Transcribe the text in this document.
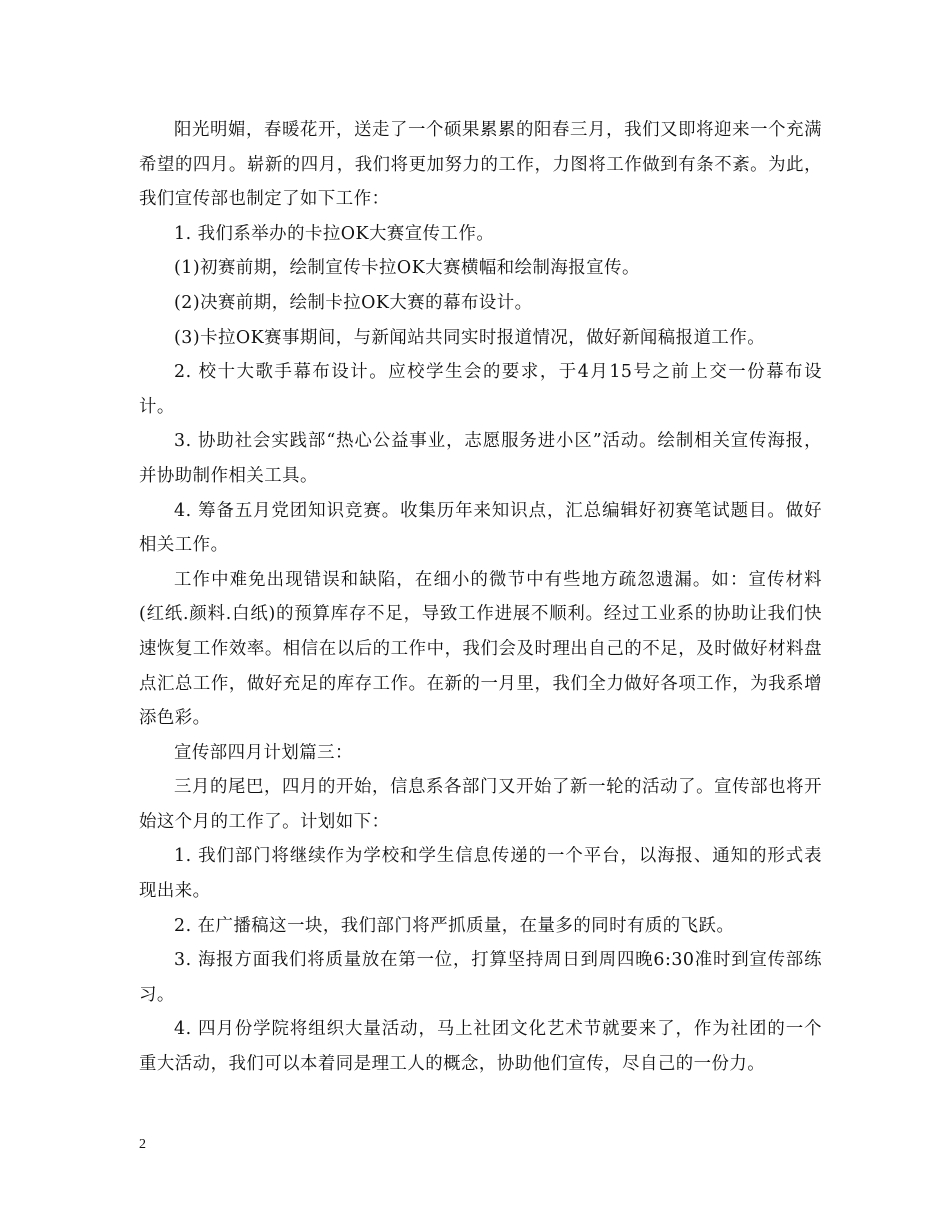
阳光明媚，春暖花开，送走了一个硕果累累的阳春三月，我们又即将迎来一个充满希望的四月。崭新的四月，我们将更加努力的工作，力图将工作做到有条不紊。为此，我们宣传部也制定了如下工作：

1. 我们系举办的卡拉OK大赛宣传工作。

(1)初赛前期，绘制宣传卡拉OK大赛横幅和绘制海报宣传。

(2)决赛前期，绘制卡拉OK大赛的幕布设计。

(3)卡拉OK赛事期间，与新闻站共同实时报道情况，做好新闻稿报道工作。

2. 校十大歌手幕布设计。应校学生会的要求，于4月15号之前上交一份幕布设计。

3. 协助社会实践部“热心公益事业，志愿服务进小区”活动。绘制相关宣传海报，并协助制作相关工具。

4. 筹备五月党团知识竞赛。收集历年来知识点，汇总编辑好初赛笔试题目。做好相关工作。

工作中难免出现错误和缺陷，在细小的微节中有些地方疏忽遗漏。如：宣传材料(红纸.颜料.白纸)的预算库存不足，导致工作进展不顺利。经过工业系的协助让我们快速恢复工作效率。相信在以后的工作中，我们会及时理出自己的不足，及时做好材料盘点汇总工作，做好充足的库存工作。在新的一月里，我们全力做好各项工作，为我系增添色彩。

宣传部四月计划篇三：

三月的尾巴，四月的开始，信息系各部门又开始了新一轮的活动了。宣传部也将开始这个月的工作了。计划如下：

1. 我们部门将继续作为学校和学生信息传递的一个平台，以海报、通知的形式表现出来。

2. 在广播稿这一块，我们部门将严抓质量，在量多的同时有质的飞跃。

3. 海报方面我们将质量放在第一位，打算坚持周日到周四晚6:30准时到宣传部练习。

4. 四月份学院将组织大量活动，马上社团文化艺术节就要来了，作为社团的一个重大活动，我们可以本着同是理工人的概念，协助他们宣传，尽自己的一份力。

2
